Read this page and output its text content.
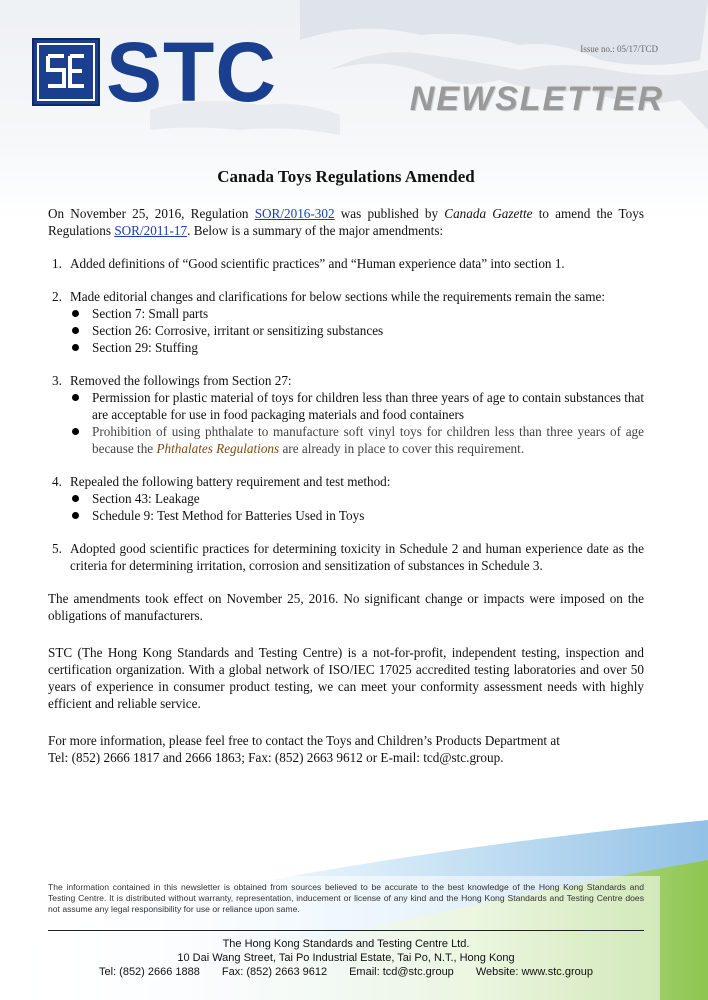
STC	Issue no.: 05/17/TCD
NEWSLETTER
Canada Toys Regulations Amended

On November 25, 2016, Regulation SOR/2016-302 was published by Canada Gazette to amend the Toys Regulations SOR/2011-17. Below is a summary of the major amendments:

1. Added definitions of “Good scientific practices” and “Human experience data” into section 1.
2. Made editorial changes and clarifications for below sections while the requirements remain the same:
Section 7: Small parts
Section 26: Corrosive, irritant or sensitizing substances
Section 29: Stuffing
3. Removed the followings from Section 27:
Permission for plastic material of toys for children less than three years of age to contain substances that are acceptable for use in food packaging materials and food containers
Prohibition of using phthalate to manufacture soft vinyl toys for children less than three years of age because the Phthalates Regulations are already in place to cover this requirement.
4. Repealed the following battery requirement and test method:
Section 43: Leakage
Schedule 9: Test Method for Batteries Used in Toys
5. Adopted good scientific practices for determining toxicity in Schedule 2 and human experience date as the criteria for determining irritation, corrosion and sensitization of substances in Schedule 3.

The amendments took effect on November 25, 2016. No significant change or impacts were imposed on the obligations of manufacturers.

STC (The Hong Kong Standards and Testing Centre) is a not-for-profit, independent testing, inspection and certification organization. With a global network of ISO/IEC 17025 accredited testing laboratories and over 50 years of experience in consumer product testing, we can meet your conformity assessment needs with highly efficient and reliable service.

For more information, please feel free to contact the Toys and Children’s Products Department at

Tel: (852) 2666 1817 and 2666 1863; Fax: (852) 2663 9612 or E-mail: tcd@stc.group.

The information contained in this newsletter is obtained from sources believed to be accurate to the best knowledge of the Hong Kong Standards and Testing Centre. It is distributed without warranty, representation, inducement or license of any kind and the Hong Kong Standards and Testing Centre does not assume any legal responsibility for use or reliance upon same.
The Hong Kong Standards and Testing Centre Ltd.
10 Dai Wang Street, Tai Po Industrial Estate, Tai Po, N.T., Hong Kong
Tel: (852) 2666 1888 Fax: (852) 2663 9612 Email: tcd@stc.group Website: www.stc.group
